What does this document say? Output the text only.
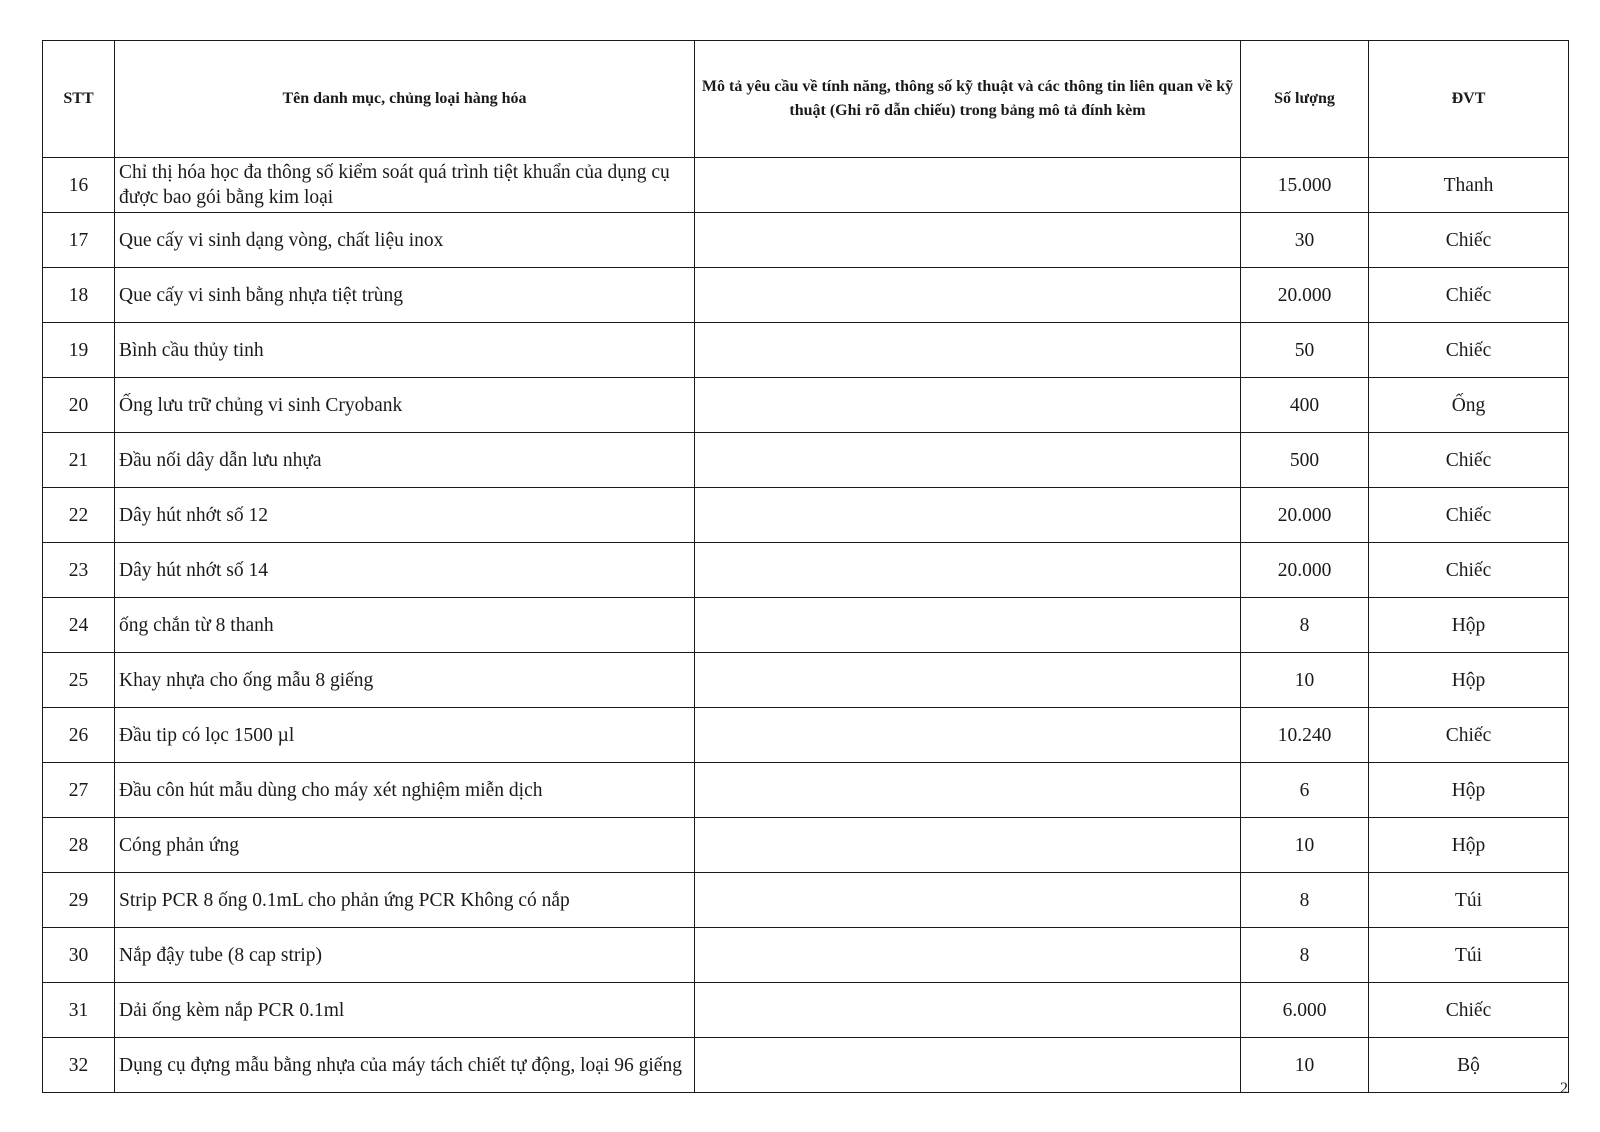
STT	Tên danh mục, chủng loại hàng hóa	Mô tả yêu cầu về tính năng, thông số kỹ thuật và các thông tin liên quan về kỹ thuật (Ghi rõ dẫn chiếu) trong bảng mô tả đính kèm	Số lượng	ĐVT
16	Chỉ thị hóa học đa thông số kiểm soát quá trình tiệt khuẩn của dụng cụ được bao gói bằng kim loại		15.000	Thanh
17	Que cấy vi sinh dạng vòng, chất liệu inox		30	Chiếc
18	Que cấy vi sinh bằng nhựa tiệt trùng		20.000	Chiếc
19	Bình cầu thủy tinh		50	Chiếc
20	Ống lưu trữ chủng vi sinh Cryobank		400	Ống
21	Đầu nối dây dẫn lưu nhựa		500	Chiếc
22	Dây hút nhớt số 12		20.000	Chiếc
23	Dây hút nhớt số 14		20.000	Chiếc
24	ống chắn từ 8 thanh		8	Hộp
25	Khay nhựa cho ống mẫu 8 giếng		10	Hộp
26	Đầu tip có lọc 1500 µl		10.240	Chiếc
27	Đầu côn hút mẫu dùng cho máy xét nghiệm miễn dịch		6	Hộp
28	Cóng phản ứng		10	Hộp
29	Strip PCR 8 ống 0.1mL cho phản ứng PCR Không có nắp		8	Túi
30	Nắp đậy tube (8 cap strip)		8	Túi
31	Dải ống kèm nắp PCR 0.1ml		6.000	Chiếc
32	Dụng cụ đựng mẫu bằng nhựa của máy tách chiết tự động, loại 96 giếng		10	Bộ
2
